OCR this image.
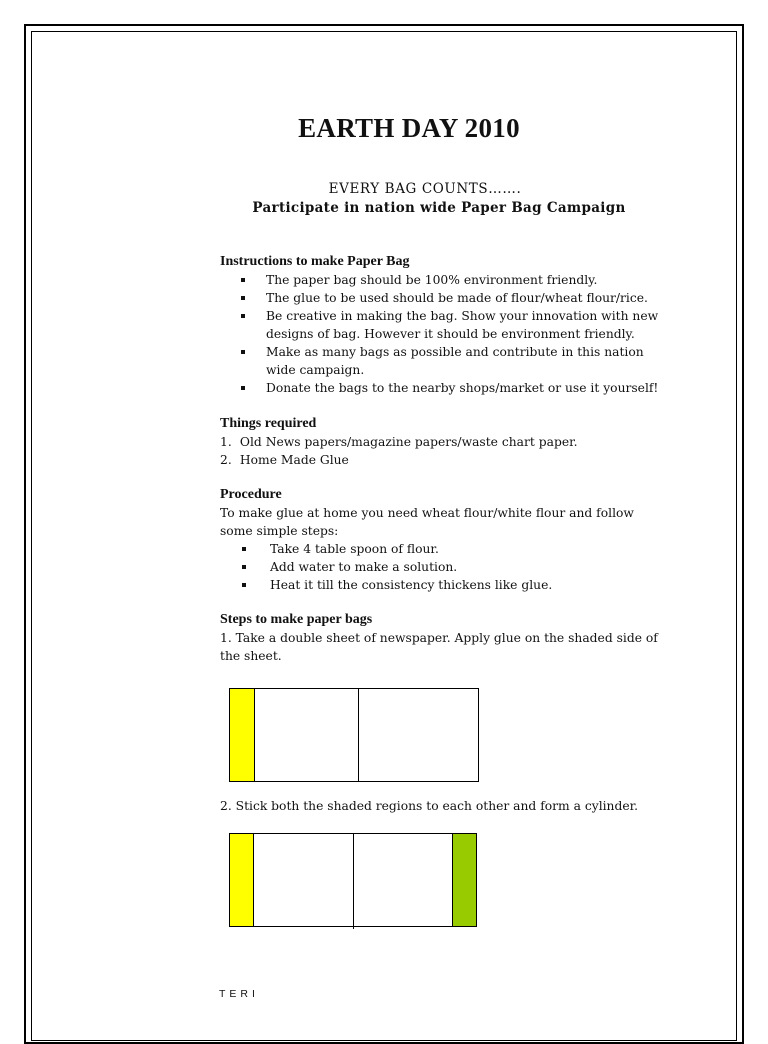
EARTH DAY 2010

EVERY BAG COUNTS…….

Participate in nation wide Paper Bag Campaign

Instructions to make Paper Bag
The paper bag should be 100% environment friendly.
The glue to be used should be made of flour/wheat flour/rice.
Be creative in making the bag. Show your innovation with new designs of bag. However it should be environment friendly.
Make as many bags as possible and contribute in this nation wide campaign.
Donate the bags to the nearby shops/market or use it yourself!
Things required

1. Old News papers/magazine papers/waste chart paper.

2. Home Made Glue

Procedure

To make glue at home you need wheat flour/white flour and follow some simple steps:

Take 4 table spoon of flour.
Add water to make a solution.
Heat it till the consistency thickens like glue.
Steps to make paper bags

1. Take a double sheet of newspaper. Apply glue on the shaded side of the sheet.

2. Stick both the shaded regions to each other and form a cylinder.

TERI
